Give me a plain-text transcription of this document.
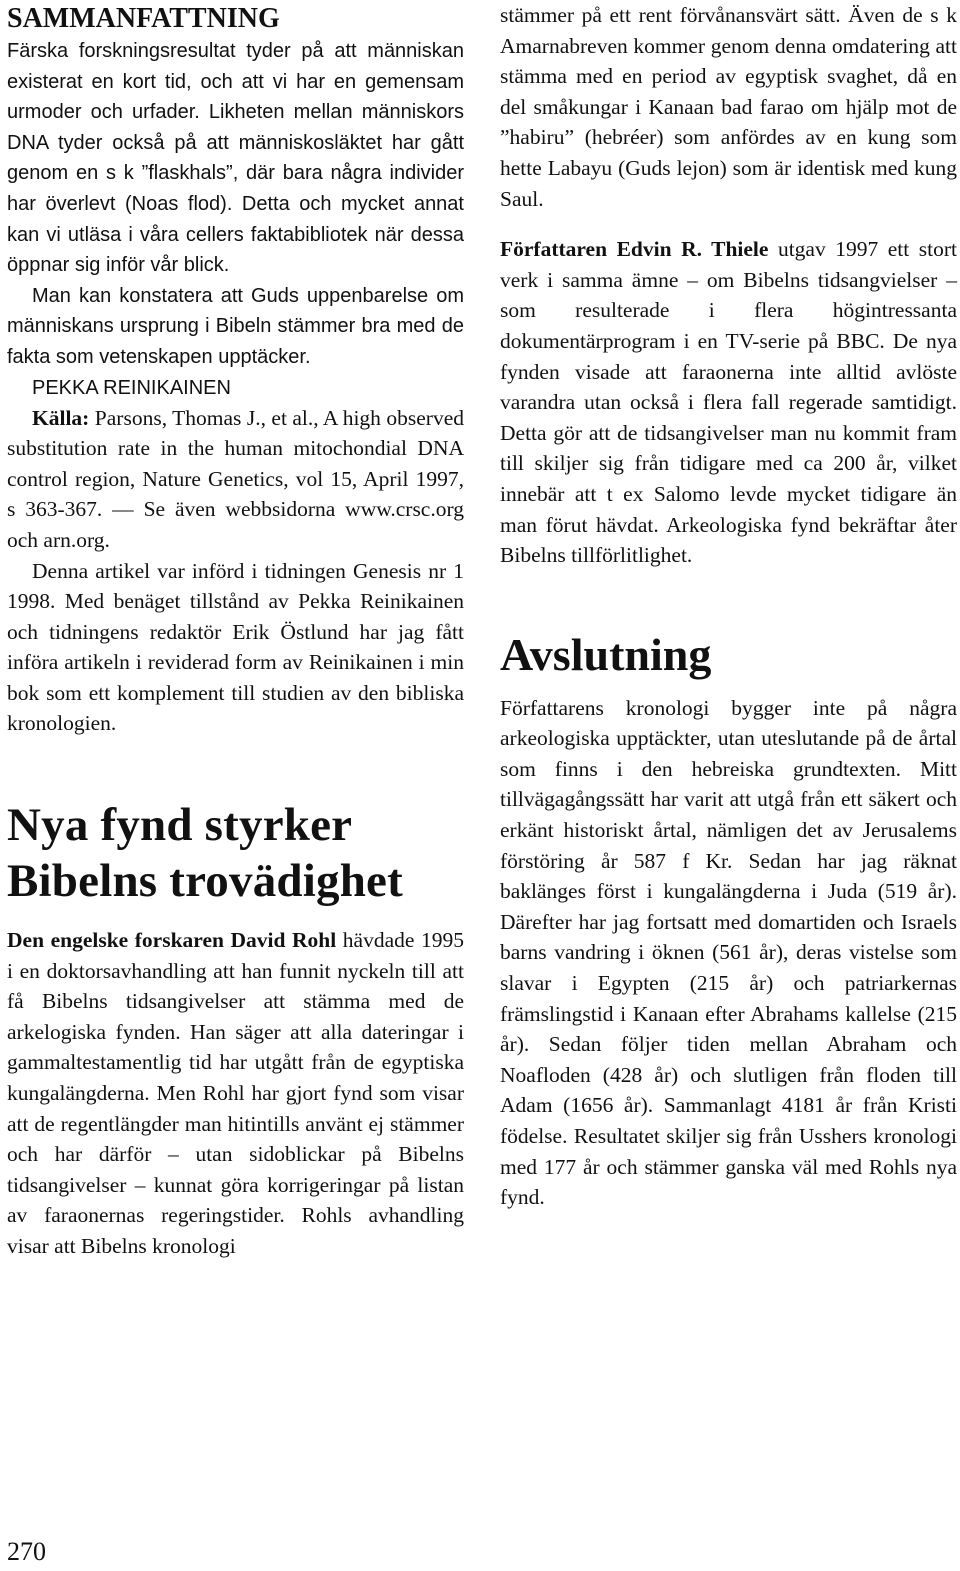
SAMMANFATTNING

Färska forskningsresultat tyder på att människan existerat en kort tid, och att vi har en gemensam urmoder och urfader. Likheten mellan människors DNA tyder också på att människosläktet har gått genom en s k ”flaskhals”, där bara några individer har överlevt (Noas flod). Detta och mycket annat kan vi utläsa i våra cellers faktabibliotek när dessa öppnar sig inför vår blick.

Man kan konstatera att Guds uppenbarelse om människans ursprung i Bibeln stämmer bra med de fakta som vetenskapen upptäcker.

PEKKA REINIKAINEN

Källa: Parsons, Thomas J., et al., A high observed substitution rate in the human mitochondial DNA control region, Nature Genetics, vol 15, April 1997, s 363-367. — Se även webbsidorna www.crsc.org och arn.org.

Denna artikel var införd i tidningen Genesis nr 1 1998. Med benäget tillstånd av Pekka Reinikainen och tidningens redaktör Erik Östlund har jag fått införa artikeln i reviderad form av Reinikainen i min bok som ett komplement till studien av den bibliska kronologien.

Nya fynd styrker
Bibelns trovädighet

Den engelske forskaren David Rohl hävdade 1995 i en doktorsavhandling att han funnit nyckeln till att få Bibelns tidsangivelser att stämma med de arkelogiska fynden. Han säger att alla dateringar i gammaltestamentlig tid har utgått från de egyptiska kungalängderna. Men Rohl har gjort fynd som visar att de regentlängder man hitintills använt ej stämmer och har därför – utan sidoblickar på Bibelns tidsangivelser – kunnat göra korrigeringar på listan av faraonernas regeringstider. Rohls avhandling visar att Bibelns kronologi

stämmer på ett rent förvånansvärt sätt. Även de s k Amarnabreven kommer genom denna omdatering att stämma med en period av egyptisk svaghet, då en del småkungar i Kanaan bad farao om hjälp mot de ”habiru” (hebréer) som anfördes av en kung som hette Labayu (Guds lejon) som är identisk med kung Saul.

Författaren Edvin R. Thiele utgav 1997 ett stort verk i samma ämne – om Bibelns tidsangvielser – som resulterade i flera högintressanta dokumentärprogram i en TV-serie på BBC. De nya fynden visade att faraonerna inte alltid avlöste varandra utan också i flera fall regerade samtidigt. Detta gör att de tidsangivelser man nu kommit fram till skiljer sig från tidigare med ca 200 år, vilket innebär att t ex Salomo levde mycket tidigare än man förut hävdat. Arkeologiska fynd bekräftar åter Bibelns tillförlitlighet.

Avslutning

Författarens kronologi bygger inte på några arkeologiska upptäckter, utan uteslutande på de årtal som finns i den hebreiska grundtexten. Mitt tillvägagångssätt har varit att utgå från ett säkert och erkänt historiskt årtal, nämligen det av Jerusalems förstöring år 587 f Kr. Sedan har jag räknat baklänges först i kungalängderna i Juda (519 år). Därefter har jag fortsatt med domartiden och Israels barns vandring i öknen (561 år), deras vistelse som slavar i Egypten (215 år) och patriarkernas främslingstid i Kanaan efter Abrahams kallelse (215 år). Sedan följer tiden mellan Abraham och Noafloden (428 år) och slutligen från floden till Adam (1656 år). Sammanlagt 4181 år från Kristi födelse. Resultatet skiljer sig från Usshers kronologi med 177 år och stämmer ganska väl med Rohls nya fynd.

270
